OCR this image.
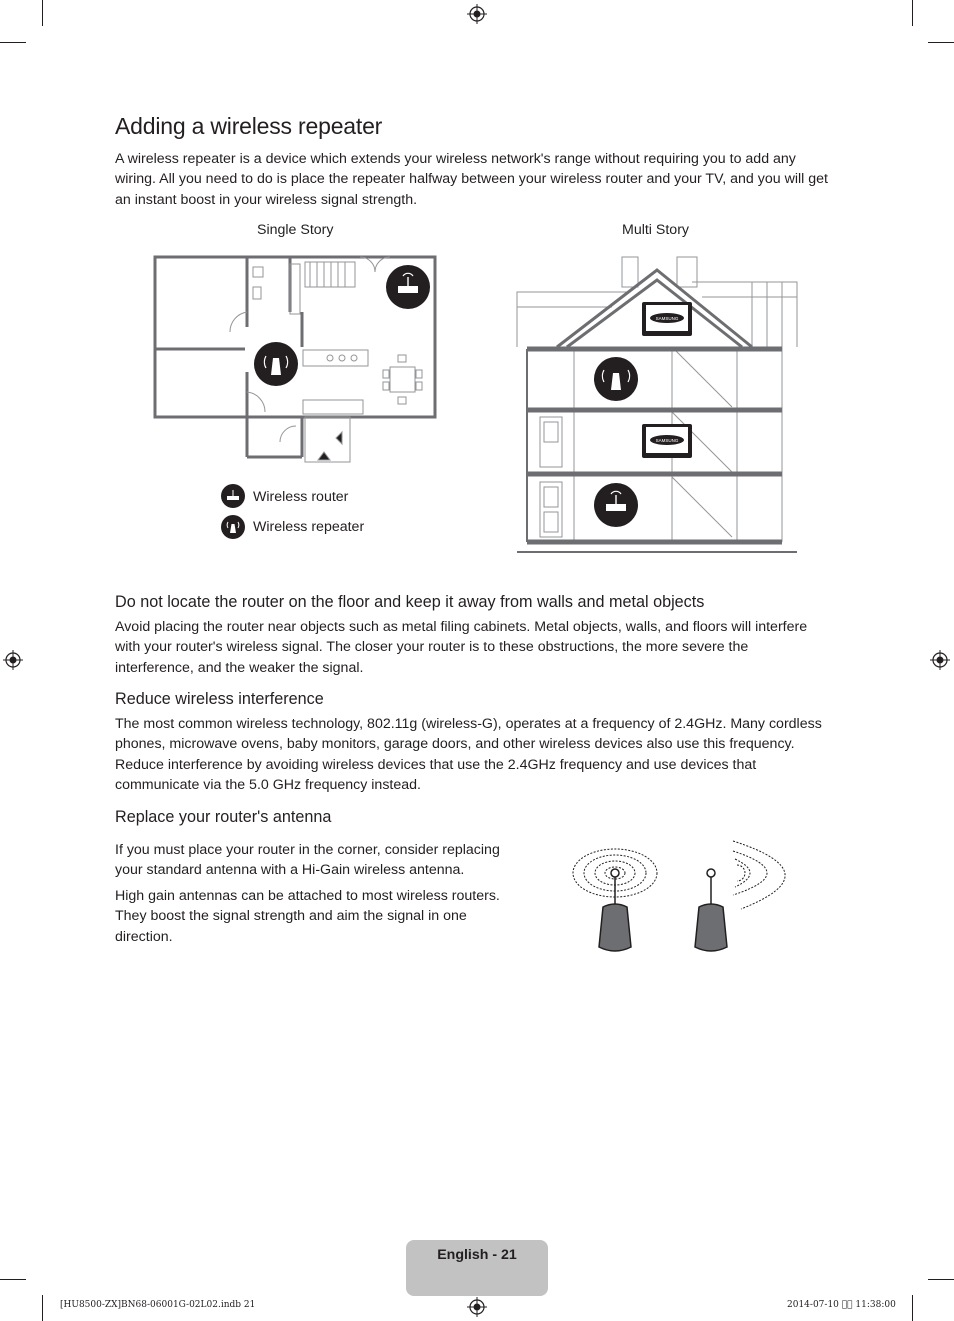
Adding a wireless repeater
A wireless repeater is a device which extends your wireless network's range without requiring you to add any wiring. All you need to do is place the repeater halfway between your wireless router and your TV, and you will get an instant boost in your wireless signal strength.
Single Story	Multi Story
Wireless router
Wireless repeater
SAMSUNG
SAMSUNG
Do not locate the router on the floor and keep it away from walls and metal objects
Avoid placing the router near objects such as metal filing cabinets. Metal objects, walls, and floors will interfere with your router's wireless signal. The closer your router is to these obstructions, the more severe the interference, and the weaker the signal.
Reduce wireless interference
The most common wireless technology, 802.11g (wireless-G), operates at a frequency of 2.4GHz. Many cordless phones, microwave ovens, baby monitors, garage doors, and other wireless devices also use this frequency. Reduce interference by avoiding wireless devices that use the 2.4GHz frequency and use devices that communicate via the 5.0 GHz frequency instead.
Replace your router's antenna
If you must place your router in the corner, consider replacing your standard antenna with a Hi-Gain wireless antenna.
High gain antennas can be attached to most wireless routers. They boost the signal strength and aim the signal in one direction.
English - 21
[HU8500-ZX]BN68-06001G-02L02.indb 21	2014-07-10 ￿￿ 11:38:00
